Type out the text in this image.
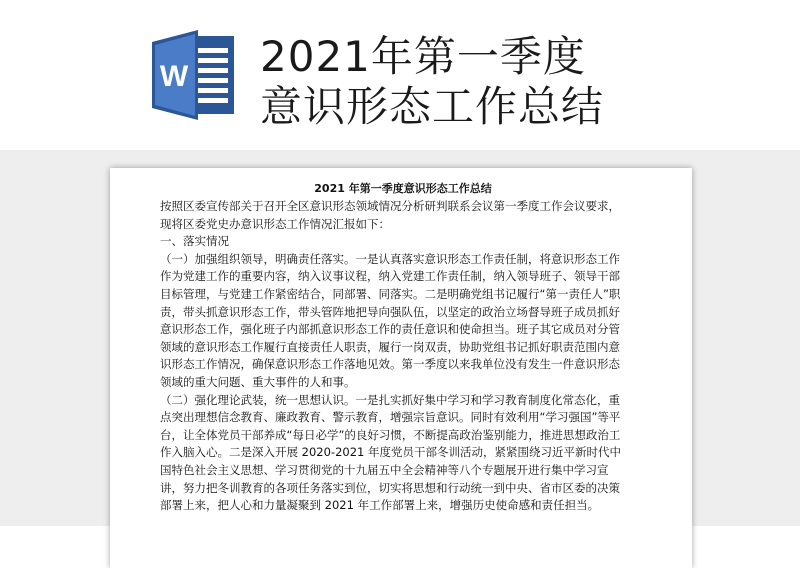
W 2021年第一季度
意识形态工作总结
2021 年第一季度意识形态工作总结
按照区委宣传部关于召开全区意识形态领域情况分析研判联系会议第一季度工作会议要求，
现将区委党史办意识形态工作情况汇报如下：
一、落实情况
（一）加强组织领导，明确责任落实。一是认真落实意识形态工作责任制，将意识形态工作
作为党建工作的重要内容，纳入议事议程，纳入党建工作责任制，纳入领导班子、领导干部
目标管理，与党建工作紧密结合，同部署、同落实。二是明确党组书记履行“第一责任人”职
责，带头抓意识形态工作，带头管阵地把导向强队伍，以坚定的政治立场督导班子成员抓好
意识形态工作，强化班子内部抓意识形态工作的责任意识和使命担当。班子其它成员对分管
领域的意识形态工作履行直接责任人职责，履行一岗双责，协助党组书记抓好职责范围内意
识形态工作情况，确保意识形态工作落地见效。第一季度以来我单位没有发生一件意识形态
领域的重大问题、重大事件的人和事。
（二）强化理论武装，统一思想认识。一是扎实抓好集中学习和学习教育制度化常态化，重
点突出理想信念教育、廉政教育、警示教育，增强宗旨意识。同时有效利用“学习强国”等平
台，让全体党员干部养成“每日必学”的良好习惯，不断提高政治鉴别能力，推进思想政治工
作入脑入心。二是深入开展 2020-2021 年度党员干部冬训活动，紧紧围绕习近平新时代中
国特色社会主义思想、学习贯彻党的十九届五中全会精神等八个专题展开进行集中学习宣
讲，努力把冬训教育的各项任务落实到位，切实将思想和行动统一到中央、省市区委的决策
部署上来，把人心和力量凝聚到 2021 年工作部署上来，增强历史使命感和责任担当。
